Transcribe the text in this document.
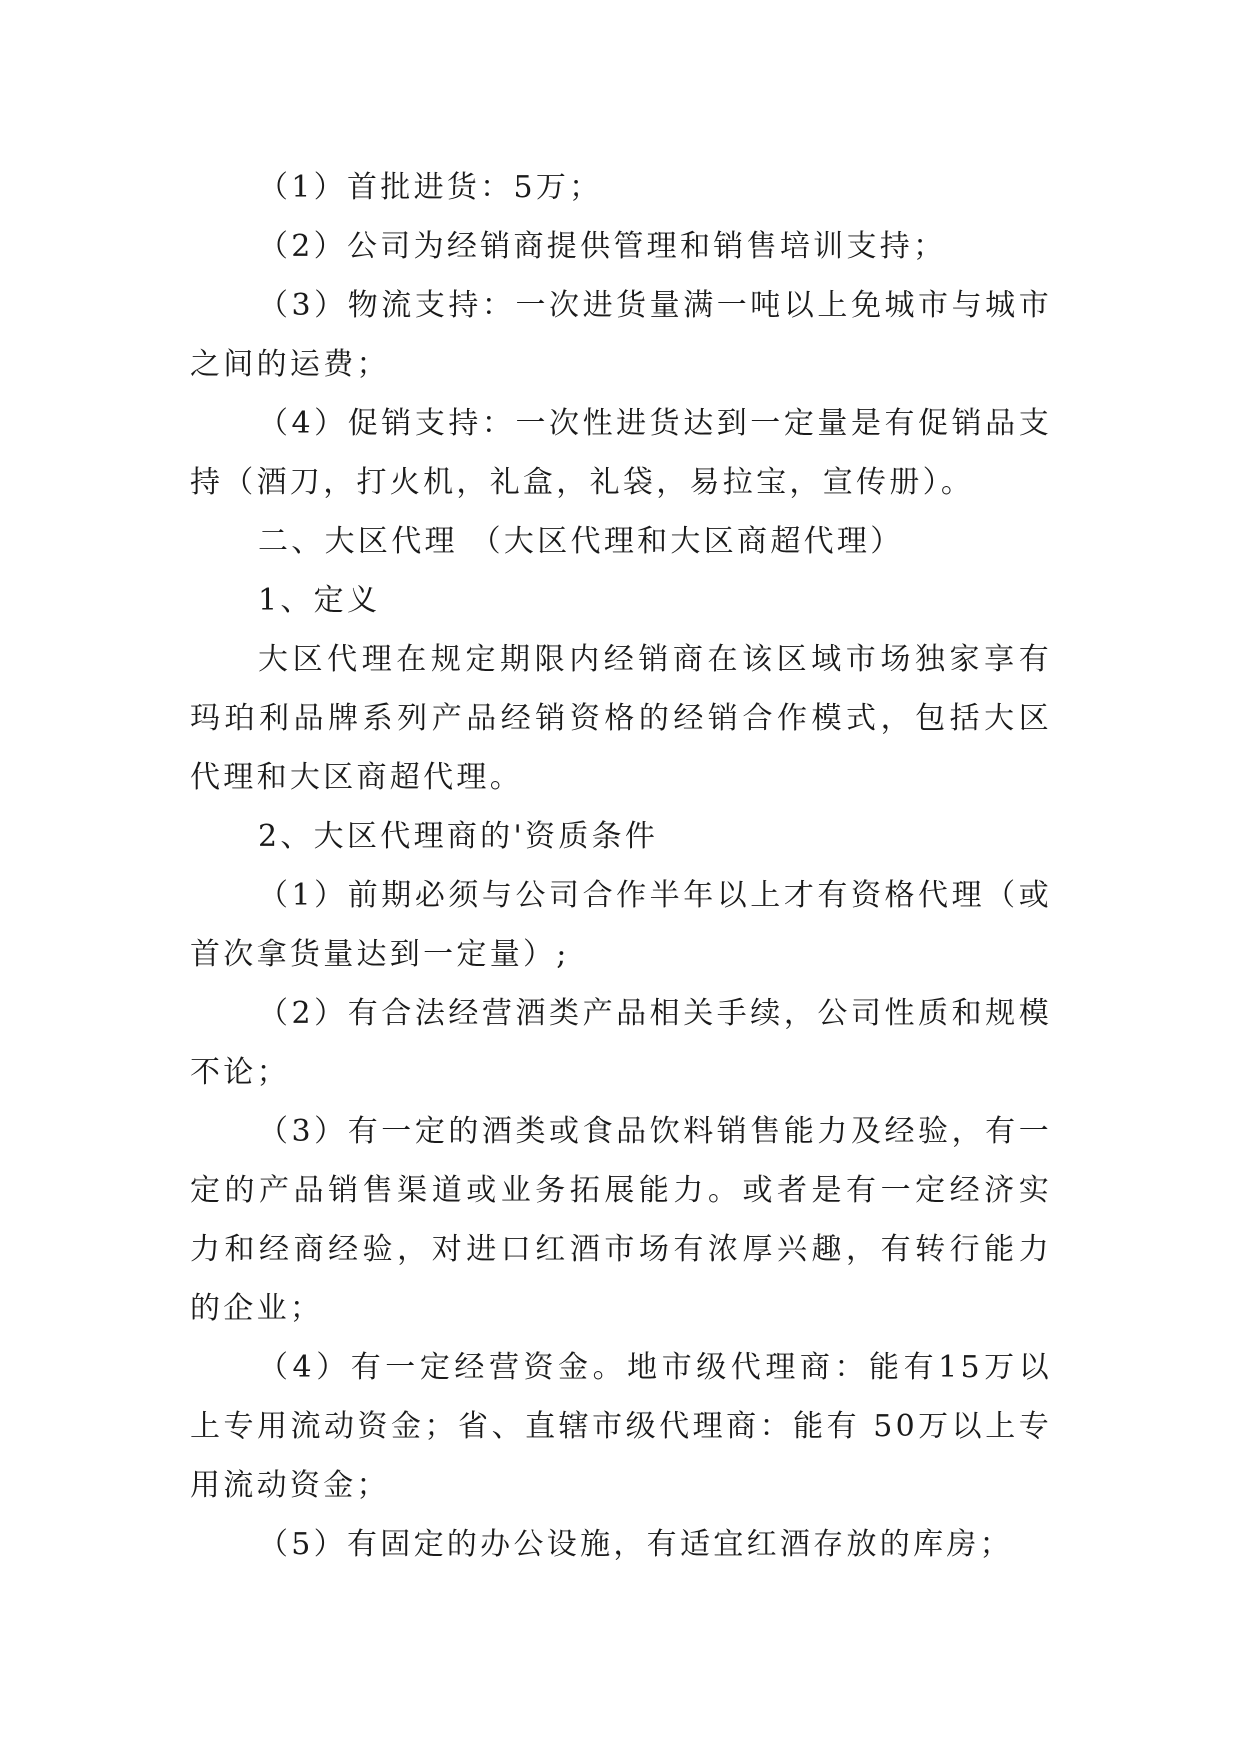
（1）首批进货：5万；

（2）公司为经销商提供管理和销售培训支持；

（3）物流支持：一次进货量满一吨以上免城市与城市之间的运费；

（4）促销支持：一次性进货达到一定量是有促销品支持（酒刀，打火机，礼盒，礼袋，易拉宝，宣传册）。

二、大区代理 （大区代理和大区商超代理）

1、定义

大区代理在规定期限内经销商在该区域市场独家享有玛珀利品牌系列产品经销资格的经销合作模式，包括大区代理和大区商超代理。

2、大区代理商的'资质条件

（1）前期必须与公司合作半年以上才有资格代理（或首次拿货量达到一定量）;

（2）有合法经营酒类产品相关手续，公司性质和规模不论；

（3）有一定的酒类或食品饮料销售能力及经验，有一定的产品销售渠道或业务拓展能力。或者是有一定经济实力和经商经验，对进口红酒市场有浓厚兴趣，有转行能力的企业；

（4）有一定经营资金。地市级代理商：能有15万以上专用流动资金；省、直辖市级代理商：能有 50万以上专用流动资金；

（5）有固定的办公设施，有适宜红酒存放的库房；
